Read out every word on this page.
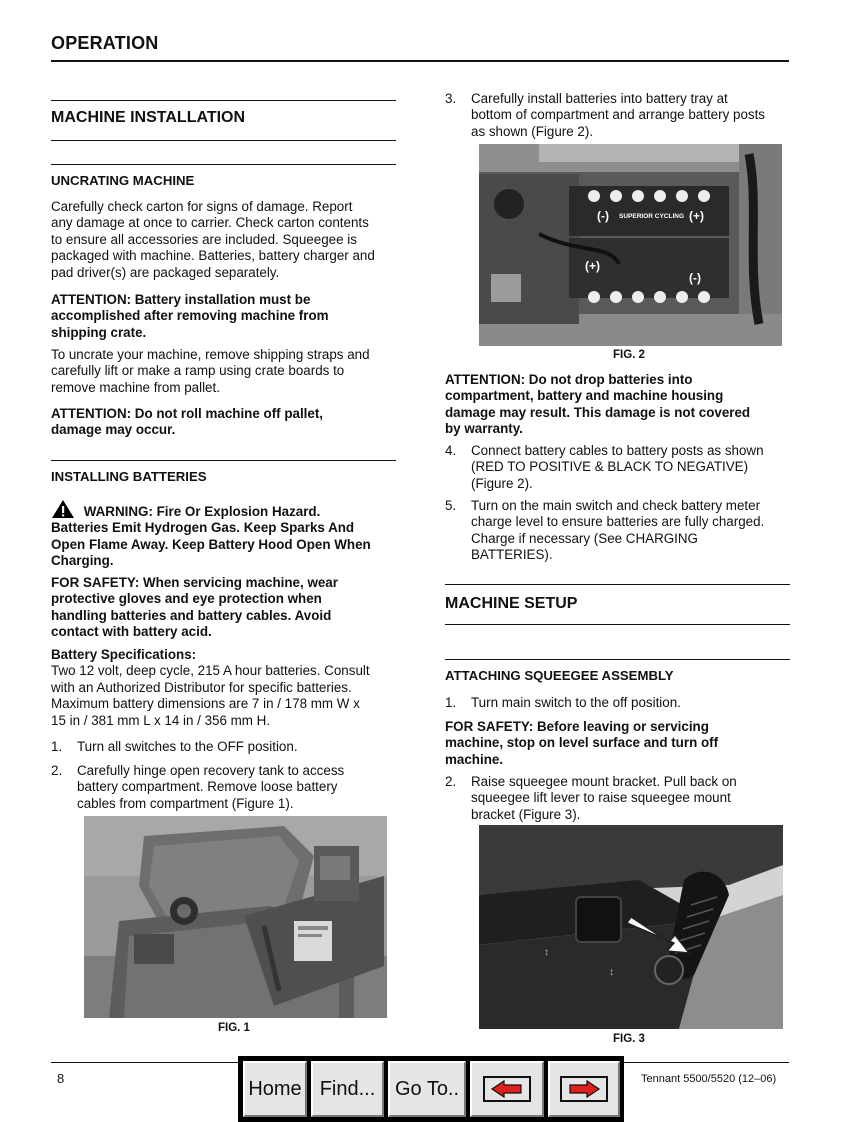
OPERATION
MACHINE INSTALLATION
UNCRATING MACHINE
Carefully check carton for signs of damage. Report
any damage at once to carrier. Check carton contents
to ensure all accessories are included. Squeegee is
packaged with machine. Batteries, battery charger and
pad driver(s) are packaged separately.
ATTENTION: Battery installation must be
accomplished after removing machine from
shipping crate.
To uncrate your machine, remove shipping straps and
carefully lift or make a ramp using crate boards to
remove machine from pallet.
ATTENTION: Do not roll machine off pallet,
damage may occur.
INSTALLING BATTERIES
WARNING: Fire Or Explosion Hazard.
Batteries Emit Hydrogen Gas. Keep Sparks And
Open Flame Away. Keep Battery Hood Open When
Charging.
FOR SAFETY: When servicing machine, wear
protective gloves and eye protection when
handling batteries and battery cables. Avoid
contact with battery acid.
Battery Specifications:
Two 12 volt, deep cycle, 215 A hour batteries. Consult
with an Authorized Distributor for specific batteries.
Maximum battery dimensions are 7 in / 178 mm W x
15 in / 381 mm L x 14 in / 356 mm H.
1. Turn all switches to the OFF position.
2. Carefully hinge open recovery tank to access
battery compartment. Remove loose battery
cables from compartment (Figure 1).
FIG. 1
3. Carefully install batteries into battery tray at
bottom of compartment and arrange battery posts
as shown (Figure 2).
(-)	(+)
SUPERIOR CYCLING
(+)
(-)
FIG. 2
ATTENTION: Do not drop batteries into
compartment, battery and machine housing
damage may result. This damage is not covered
by warranty.
4. Connect battery cables to battery posts as shown
(RED TO POSITIVE & BLACK TO NEGATIVE)
(Figure 2).
5. Turn on the main switch and check battery meter
charge level to ensure batteries are fully charged.
Charge if necessary (See CHARGING
BATTERIES).
MACHINE SETUP
ATTACHING SQUEEGEE ASSEMBLY
1. Turn main switch to the off position.
FOR SAFETY: Before leaving or servicing
machine, stop on level surface and turn off
machine.
2. Raise squeegee mount bracket. Pull back on
squeegee lift lever to raise squeegee mount
bracket (Figure 3).
↕
↕
FIG. 3
8	Tennant 5500/5520 (12–06)
Home Find... Go To..
